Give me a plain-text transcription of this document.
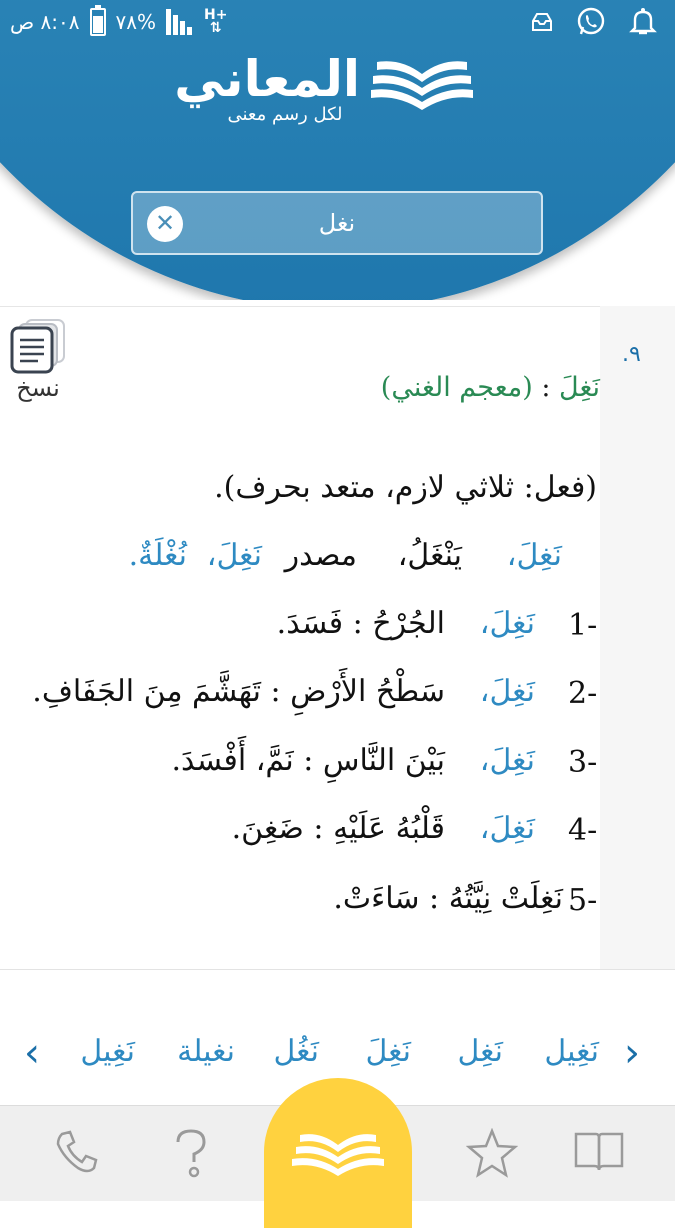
٨:٠٨ ص %٧٨	H+
⇅
المعاني
لكل رسم معنى
نغل
✕
نسخ
٩.
نَغِلَ : (معجم الغني)
(فعل: ثلاثي لازم، متعد بحرف).
نَغِلَ،
يَنْغَلُ،
مصدر
نَغِلَ،
نُغْلَةٌ.
1-
نَغِلَ،
الجُرْحُ : فَسَدَ.
2-
نَغِلَ،
سَطْحُ الأَرْضِ : تَهَشَّمَ مِنَ الجَفَافِ.
3-
نَغِلَ،
بَيْنَ النَّاسِ : نَمَّ، أَفْسَدَ.
4-
نَغِلَ،
قَلْبُهُ عَلَيْهِ : ضَغِنَ.
5-
نَغِلَتْ نِيَّتُهُ : سَاءَتْ.
›
نَغِيل
نَغِل
نَغِلَ
نَغُل
نغيلة
نَغِيل
‹
